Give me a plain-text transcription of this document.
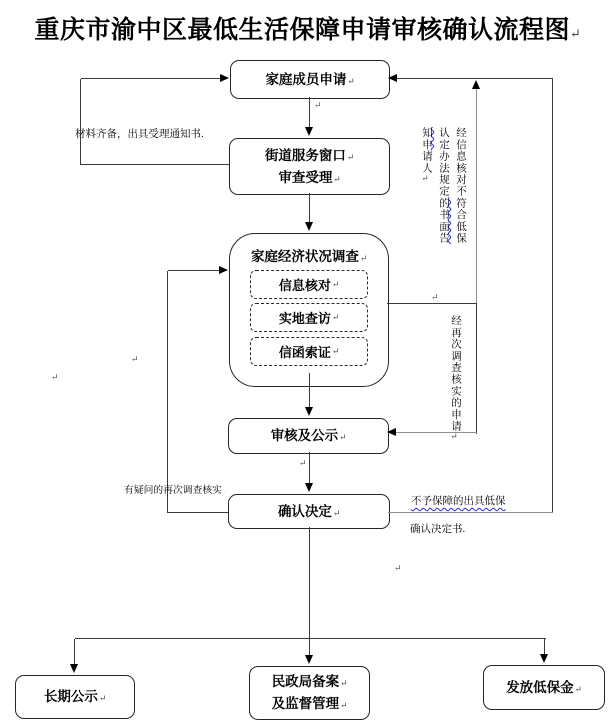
重庆市渝中区最低生活保障申请审核确认流程图↵
家庭成员申请↵
街道服务窗口↵
审查受理↵
家庭经济状况调查↵
信息核对 ↵
实地查访 ↵
信函索证 ↵
审核及公示↵
确认决定↵
长期公示↵
民政局备案↵
及监督管理↵
发放低保金↵
材料齐备，出具受理通知书.
有疑问的再次调查核实
不予保障的出具低保
确认决定书.
经信息核对不符合低保
认定办法规定的书面告
知申请人↵
经再次调查核实的申请↵
↵
↵
↵
↵
↵
↵
